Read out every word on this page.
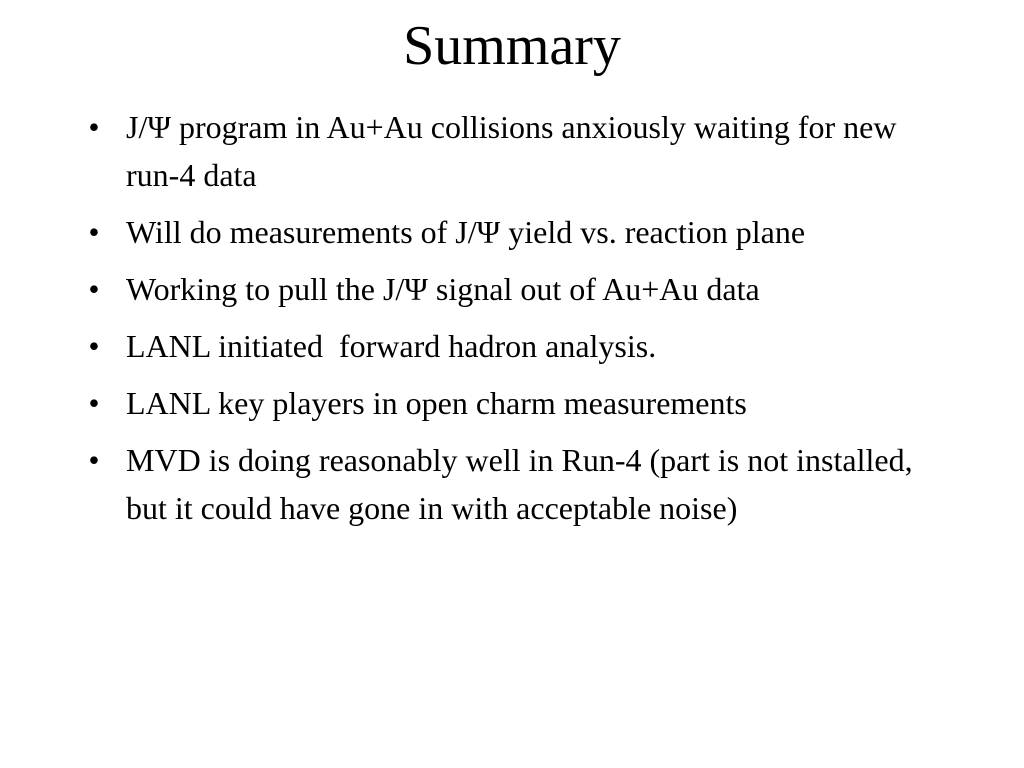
Summary
• J/Ψ program in Au+Au collisions anxiously waiting for new run-4 data
• Will do measurements of J/Ψ yield vs. reaction plane
• Working to pull the J/Ψ signal out of Au+Au data
• LANL initiated  forward hadron analysis.
• LANL key players in open charm measurements
• MVD is doing reasonably well in Run-4 (part is not installed, but it could have gone in with acceptable noise)
